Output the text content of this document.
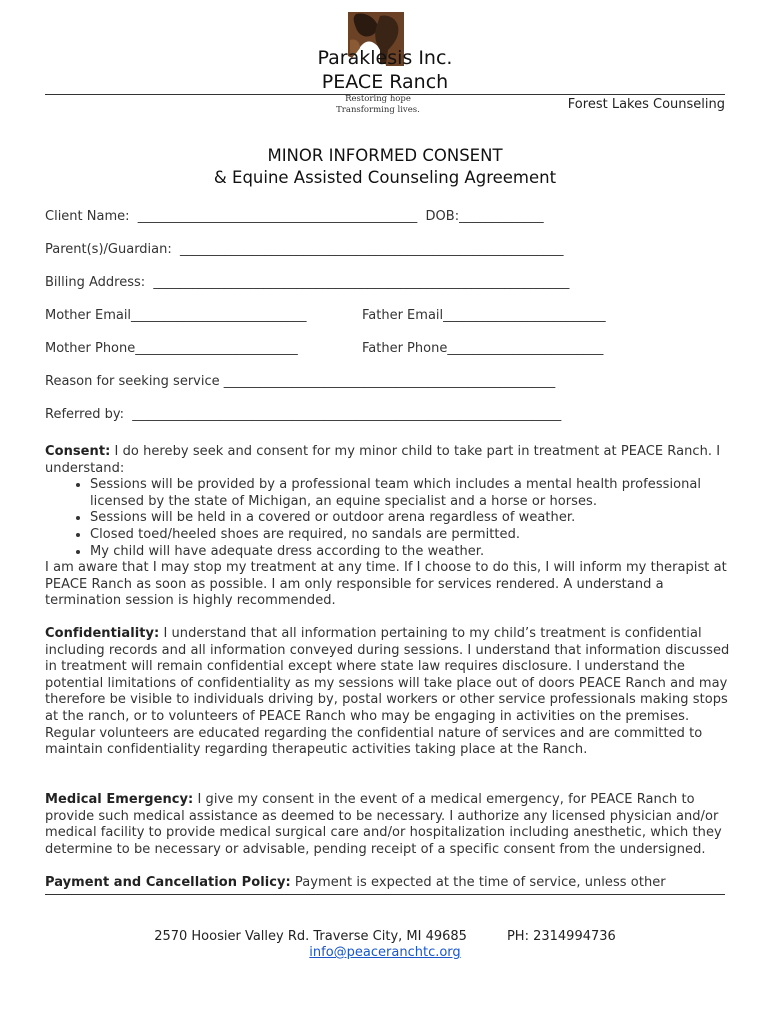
Paraklesis Inc.
PEACE Ranch
Restoring hope
Transforming lives.	Forest Lakes Counseling
MINOR INFORMED CONSENT
& Equine Assisted Counseling Agreement
Client Name:  ___________________________________________  DOB:_____________
Parent(s)/Guardian:  ___________________________________________________________
Billing Address:  ________________________________________________________________
Mother Email___________________________	Father Email_________________________
Mother Phone_________________________	Father Phone________________________
Reason for seeking service ___________________________________________________
Referred by:  __________________________________________________________________
Consent: I do hereby seek and consent for my minor child to take part in treatment at PEACE Ranch. I understand:
• Sessions will be provided by a professional team which includes a mental health professional licensed by the state of Michigan, an equine specialist and a horse or horses.
• Sessions will be held in a covered or outdoor arena regardless of weather.
• Closed toed/heeled shoes are required, no sandals are permitted.
• My child will have adequate dress according to the weather.
I am aware that I may stop my treatment at any time. If I choose to do this, I will inform my therapist at PEACE Ranch as soon as possible. I am only responsible for services rendered. A understand a termination session is highly recommended.
Confidentiality: I understand that all information pertaining to my child’s treatment is confidential including records and all information conveyed during sessions. I understand that information discussed in treatment will remain confidential except where state law requires disclosure. I understand the potential limitations of confidentiality as my sessions will take place out of doors PEACE Ranch and may therefore be visible to individuals driving by, postal workers or other service professionals making stops at the ranch, or to volunteers of PEACE Ranch who may be engaging in activities on the premises. Regular volunteers are educated regarding the confidential nature of services and are committed to maintain confidentiality regarding therapeutic activities taking place at the Ranch.
Medical Emergency: I give my consent in the event of a medical emergency, for PEACE Ranch to provide such medical assistance as deemed to be necessary. I authorize any licensed physician and/or medical facility to provide medical surgical care and/or hospitalization including anesthetic, which they determine to be necessary or advisable, pending receipt of a specific consent from the undersigned.
Payment and Cancellation Policy: Payment is expected at the time of service, unless other
2570 Hoosier Valley Rd. Traverse City, MI 49685	PH: 2314994736
info@peaceranchtc.org
